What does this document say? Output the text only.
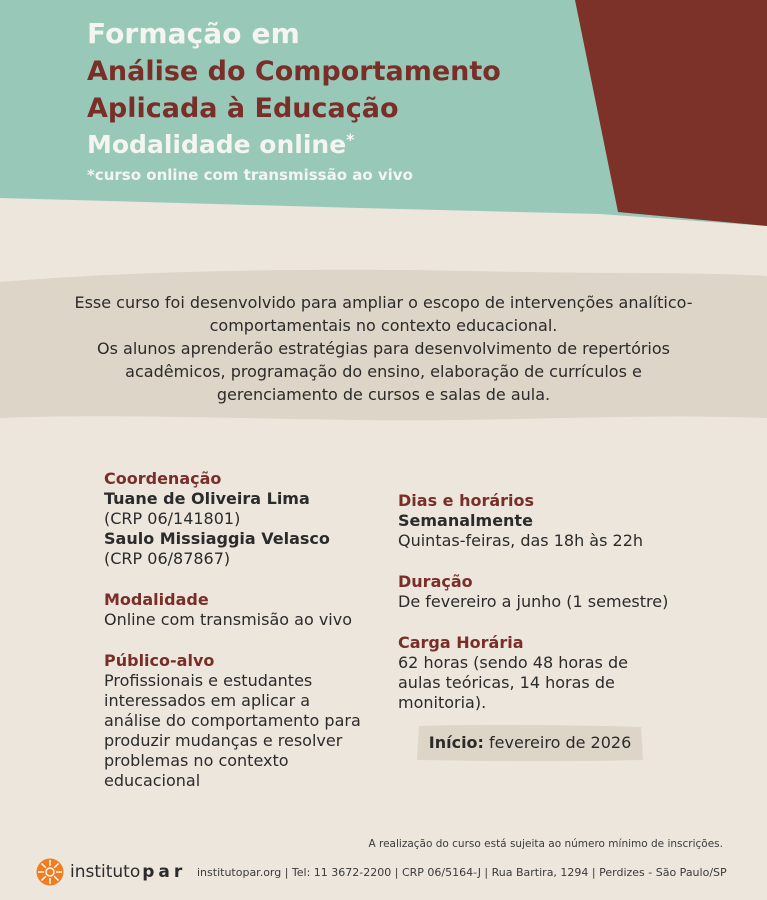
Formação em
Análise do Comportamento
Aplicada à Educação
Modalidade online*

*curso online com transmissão ao vivo

Esse curso foi desenvolvido para ampliar o escopo de intervenções analítico-

comportamentais no contexto educacional.

Os alunos aprenderão estratégias para desenvolvimento de repertórios

acadêmicos, programação do ensino, elaboração de currículos e

gerenciamento de cursos e salas de aula.

Coordenação

Tuane de Oliveira Lima

(CRP 06/141801)

Saulo Missiaggia Velasco

(CRP 06/87867)

Modalidade

Online com transmisão ao vivo

Público-alvo

Profissionais e estudantes

interessados em aplicar a

análise do comportamento para

produzir mudanças e resolver

problemas no contexto

educacional

Dias e horários

Semanalmente

Quintas-feiras, das 18h às 22h

Duração

De fevereiro a junho (1 semestre)

Carga Horária

62 horas (sendo 48 horas de

aulas teóricas, 14 horas de

monitoria).

Início: fevereiro de 2026

A realização do curso está sujeita ao número mínimo de inscrições.

instituto par institutopar.org | Tel: 11 3672-2200 | CRP 06/5164-J | Rua Bartira, 1294 | Perdizes - São Paulo/SP
